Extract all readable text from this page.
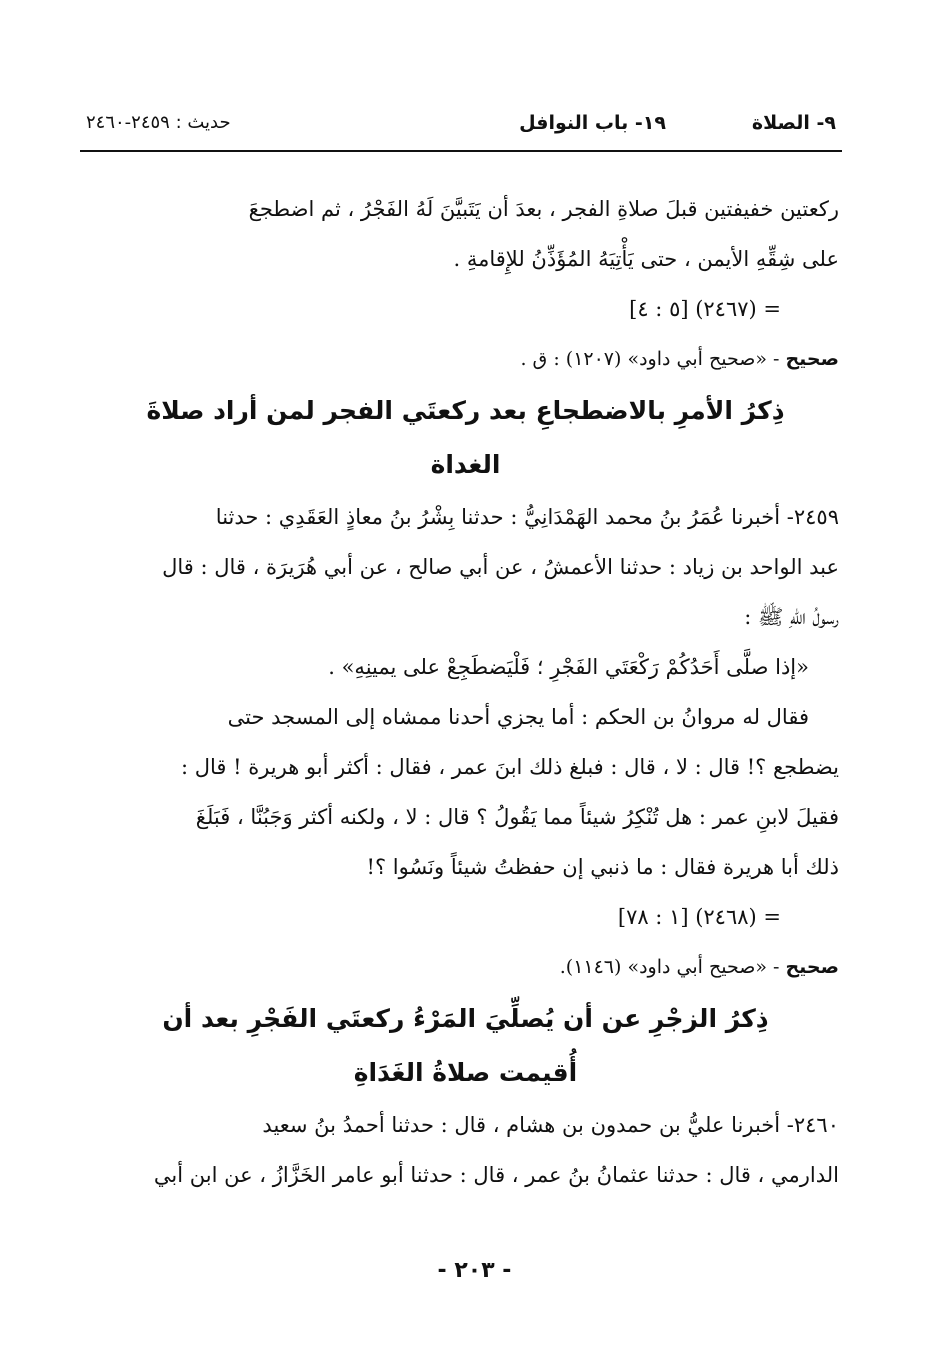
٩- الصلاة
١٩- باب النوافل
حديث : ٢٤٥٩-٢٤٦٠

ركعتين خفيفتين قبلَ صلاةِ الفجر ، بعدَ أن يَتَبيَّنَ لَهُ الفَجْرُ ، ثم اضطجعَ
على شِقِّهِ الأيمن ، حتى يَأْتِيَهُ المُؤَذِّنُ للإِقامةِ .

= (٢٤٦٧) [٥ : ٤]

صحيح - «صحيح أبي داود» (١٢٠٧) : ق .

ذِكرُ الأمرِ بالاضطجاعِ بعد ركعتَي الفجر لمن أراد صلاةَ
الغداة

٢٤٥٩- أخبرنا عُمَرُ بنُ محمد الهَمْدَانِيُّ : حدثنا بِشْرُ بنُ معاذٍ العَقَدِي : حدثنا
عبد الواحد بن زياد : حدثنا الأعمشُ ، عن أبي صالح ، عن أبي هُرَيرَة ، قال : قال
رسولُ اللهِ ﷺ :
«إذا صلَّى أَحَدُكُمْ رَكْعَتَي الفَجْرِ ؛ فَلْيَضطَجِعْ على يمينِهِ» .
فقال له مروانُ بن الحكم : أما يجزي أحدنا ممشاه إلى المسجد حتى
يضطجع ؟! قال : لا ، قال : فبلغ ذلك ابنَ عمر ، فقال : أكثر أبو هريرة ! قال :
فقيلَ لابنِ عمر : هل تُنْكِرُ شيئاً مما يَقُولُ ؟ قال : لا ، ولكنه أكثر وَجَبُنَّا ، فَبَلَغَ
ذلك أبا هريرة فقال : ما ذنبي إن حفظتُ شيئاً ونَسُوا ؟!

= (٢٤٦٨) [١ : ٧٨]

صحيح - «صحيح أبي داود» (١١٤٦).

ذِكرُ الزجْرِ عن أن يُصلِّيَ المَرْءُ ركعتَي الفَجْرِ بعد أن
أُقيمت صلاةُ الغَدَاةِ

٢٤٦٠- أخبرنا عليُّ بن حمدون بن هشام ، قال : حدثنا أحمدُ بنُ سعيد
الدارمي ، قال : حدثنا عثمانُ بنُ عمر ، قال : حدثنا أبو عامر الخَزَّازُ ، عن ابن أبي

- ٢٠٣ -
